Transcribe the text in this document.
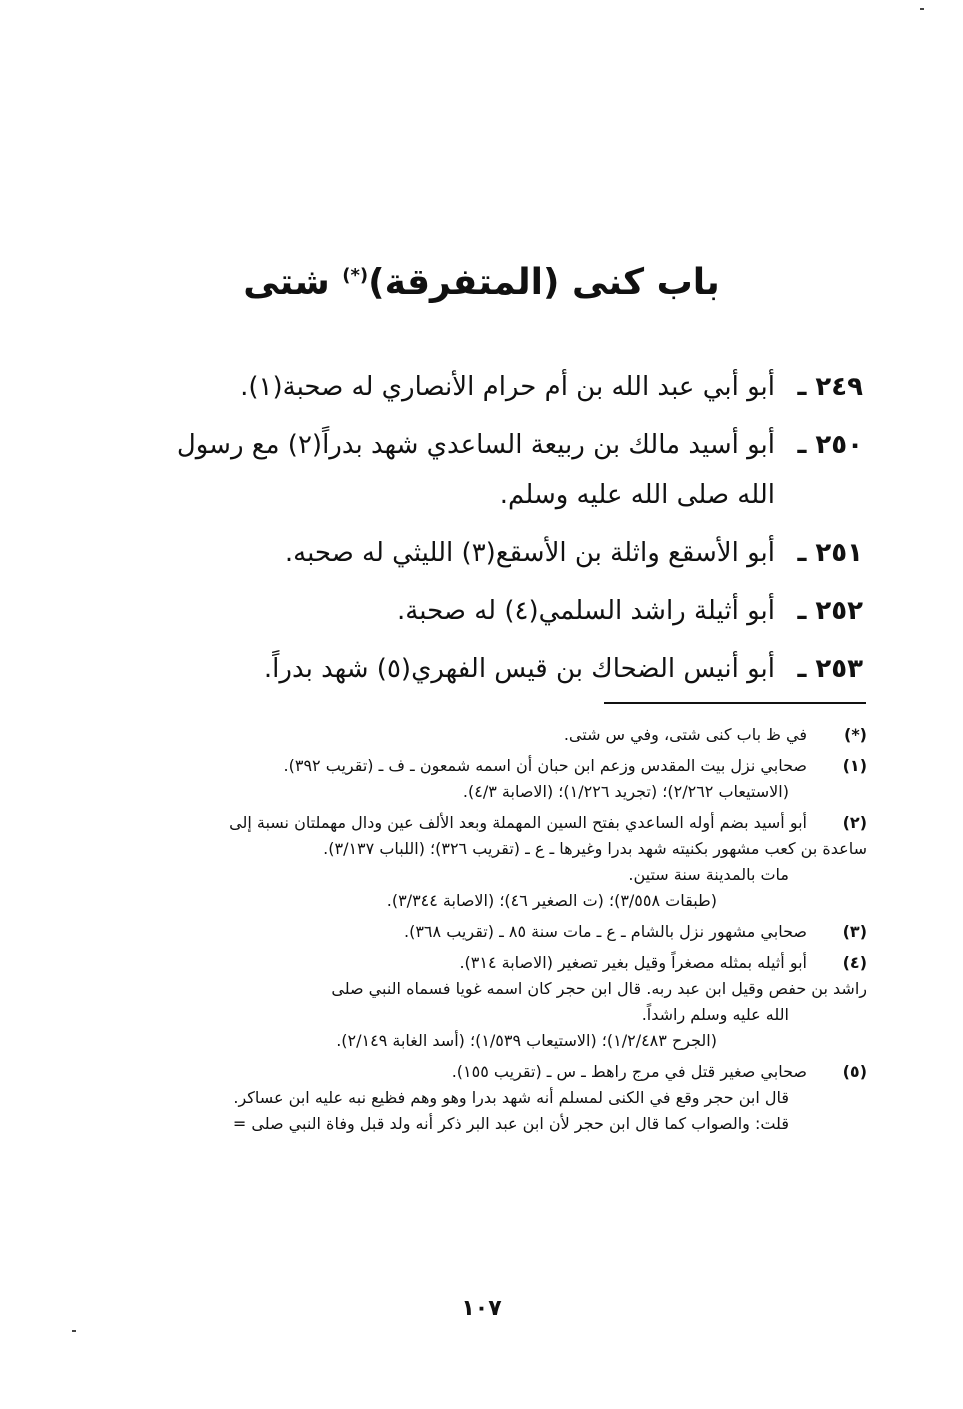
باب كنى (المتفرقة)(*) شتى
٢٤٩ ـ
أبو أبي عبد الله بن أم حرام الأنصاري له صحبة(١).
٢٥٠ ـ
أبو أسيد مالك بن ربيعة الساعدي شهد بدراً(٢) مع رسول الله صلى الله عليه وسلم.
٢٥١ ـ
أبو الأسقع واثلة بن الأسقع(٣) الليثي له صحبه.
٢٥٢ ـ
أبو أثيلة راشد السلمي(٤) له صحبة.
٢٥٣ ـ
أبو أنيس الضحاك بن قيس الفهري(٥) شهد بدراً.
(*)
في ظ باب كنى شتى، وفي س شتى.
(١)
صحابي نزل بيت المقدس وزعم ابن حبان أن اسمه شمعون ـ ف ـ (تقريب ٣٩٢).
(الاستيعاب ٢/٢٦٢)؛ (تجريد ١/٢٢٦)؛ (الاصابة ٤/٣).
(٢)
أبو أسيد بضم أوله الساعدي بفتح السين المهملة وبعد الألف عين ودال مهملتان نسبة إلى
ساعدة بن كعب مشهور بكنيته شهد بدرا وغيرها ـ ع ـ (تقريب ٣٢٦)؛ (اللباب ٣/١٣٧).
مات بالمدينة سنة ستين.
(طبقات ٣/٥٥٨)؛ (ت الصغير ٤٦)؛ (الاصابة ٣/٣٤٤).
(٣)
صحابي مشهور نزل بالشام ـ ع ـ مات سنة ٨٥ ـ (تقريب ٣٦٨).
(٤)
أبو أثيله بمثله مصغراً وقيل بغير تصغير (الاصابة ٣١٤).
راشد بن حفص وقيل ابن عبد ربه. قال ابن حجر كان اسمه غويا فسماه النبي صلى
الله عليه وسلم راشداً.
(الجرح ١/٢/٤٨٣)؛ (الاستيعاب ١/٥٣٩)؛ (أسد الغابة ٢/١٤٩).
(٥)
صحابي صغير قتل في مرج راهط ـ س ـ (تقريب ١٥٥).
قال ابن حجر وقع في الكنى لمسلم أنه شهد بدرا وهو وهم فظيع نبه عليه ابن عساكر.
قلت: والصواب كما قال ابن حجر لأن ابن عبد البر ذكر أنه ولد قبل وفاة النبي صلى =
١٠٧
